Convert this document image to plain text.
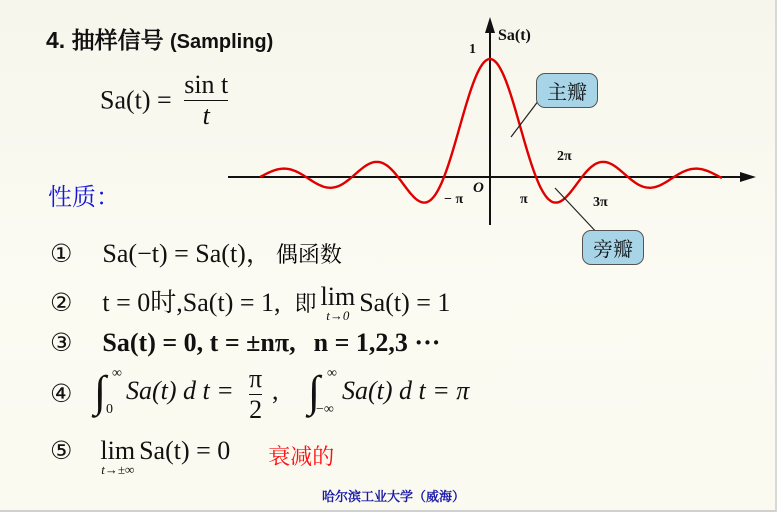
4. 抽样信号 (Sampling)
$Sa(t) = \frac{\text{sin t}}{t}$
性质：
① Sa(−t) = Sa(t)， 偶函数
② t = 0时,Sa(t) = 1, 即 lim
t→0 Sa(t) = 1
③ Sa(t) = 0, t = ±nπ, n = 1,2,3 ···
④ ∫ ∞
0
Sa(t) d $t = \frac{\pi}{2}$ , ∫ ∞
−∞
Sa(t) d t = π
⑤ lim
t→±∞
Sa(t) = 0 衰减的
Sa(t)
1
O
− π	π
2π
3π
主瓣
旁瓣
哈尔滨工业大学（威海）
